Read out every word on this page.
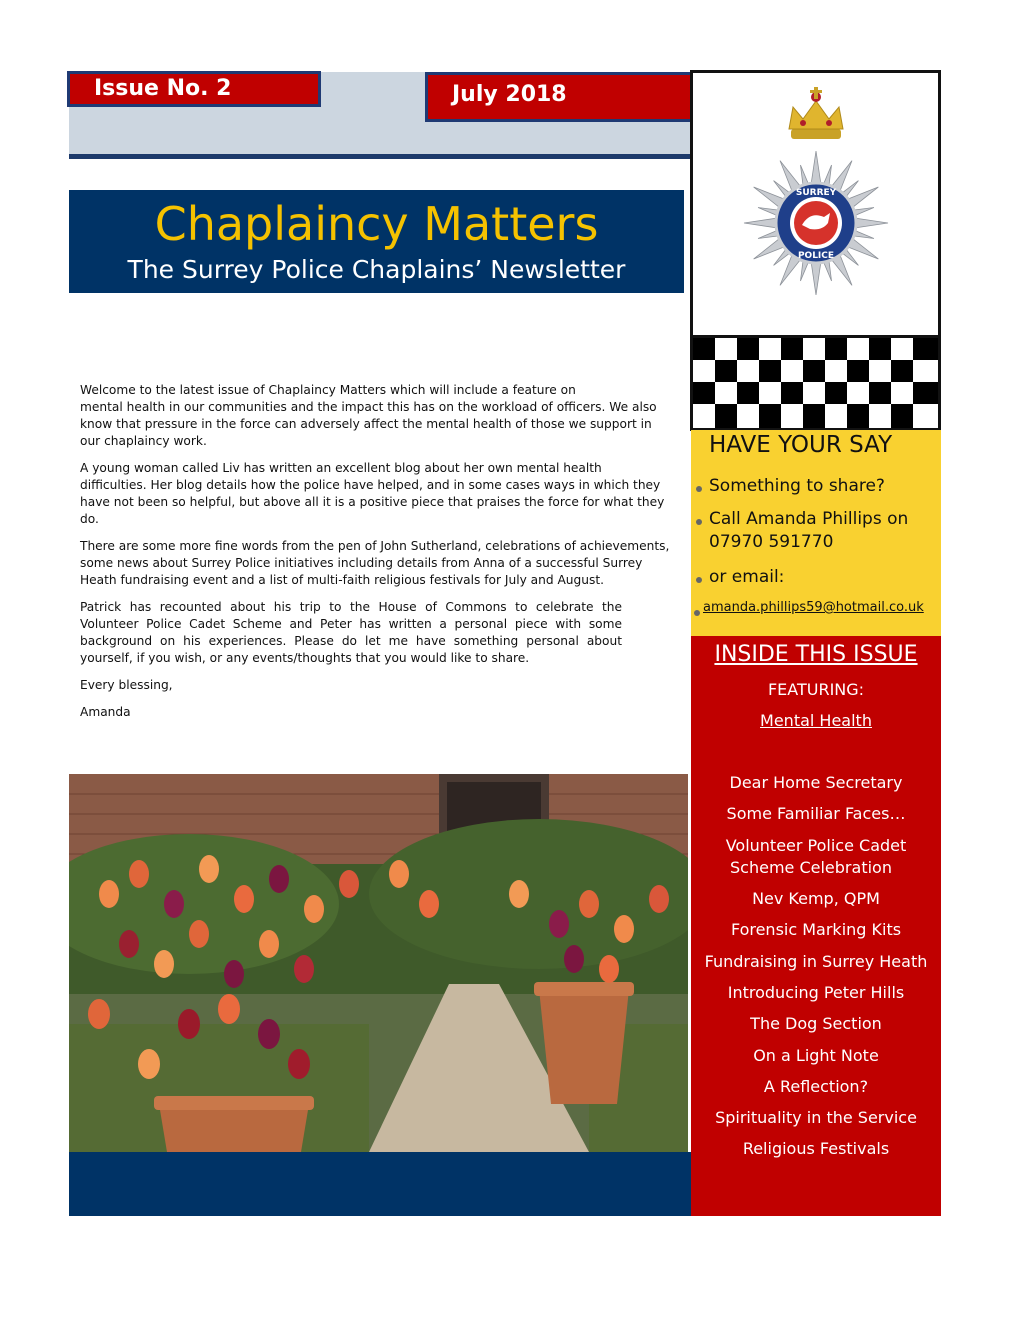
Issue No. 2	July 2018
Chaplaincy Matters
The Surrey Police Chaplains’ Newsletter
SURREY
POLICE
HAVE YOUR SAY
Something to share?
Call Amanda Phillips on
07970 591770
or email:
amanda.phillips59@hotmail.co.uk
INSIDE THIS ISSUE
FEATURING:
Mental Health
Dear Home Secretary
Some Familiar Faces…
Volunteer Police Cadet
Scheme Celebration
Nev Kemp, QPM
Forensic Marking Kits
Fundraising in Surrey Heath
Introducing Peter Hills
The Dog Section
On a Light Note
A Reflection?
Spirituality in the Service
Religious Festivals

Welcome to the latest issue of Chaplaincy Matters which will include a feature on

mental health in our communities and the impact this has on the workload of officers. We also know that pressure in the force can adversely affect the mental health of those we support in our chaplaincy work.

A young woman called Liv has written an excellent blog about her own mental health difficulties. Her blog details how the police have helped, and in some cases ways in which they have not been so helpful, but above all it is a positive piece that praises the force for what they do.

There are some more fine words from the pen of John Sutherland, celebrations of achievements, some news about Surrey Police initiatives including details from Anna of a successful Surrey Heath fundraising event and a list of multi-faith religious festivals for July and August.

Patrick has recounted about his trip to the House of Commons to celebrate the Volunteer Police Cadet Scheme and Peter has written a personal piece with some background on his experiences. Please do let me have something personal about yourself, if you wish, or any events/thoughts that you would like to share.

Every blessing,

Amanda
